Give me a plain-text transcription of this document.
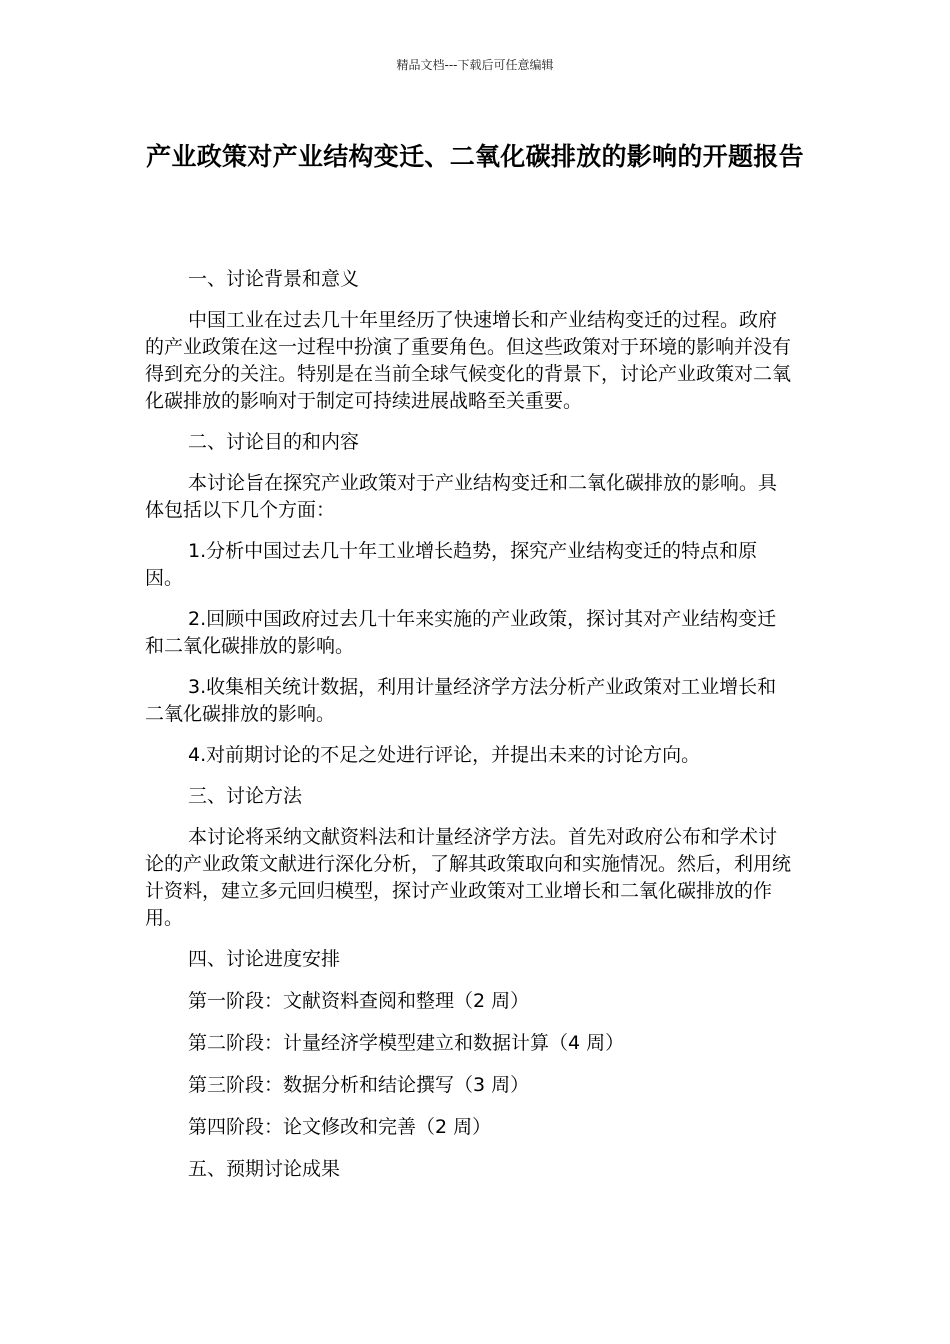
精品文档---下载后可任意编辑
产业政策对产业结构变迁、二氧化碳排放的影响的开题报告

一、讨论背景和意义

中国工业在过去几十年里经历了快速增长和产业结构变迁的过程。政府的产业政策在这一过程中扮演了重要角色。但这些政策对于环境的影响并没有得到充分的关注。特别是在当前全球气候变化的背景下，讨论产业政策对二氧化碳排放的影响对于制定可持续进展战略至关重要。

二、讨论目的和内容

本讨论旨在探究产业政策对于产业结构变迁和二氧化碳排放的影响。具体包括以下几个方面：

1.分析中国过去几十年工业增长趋势，探究产业结构变迁的特点和原因。

2.回顾中国政府过去几十年来实施的产业政策，探讨其对产业结构变迁和二氧化碳排放的影响。

3.收集相关统计数据，利用计量经济学方法分析产业政策对工业增长和二氧化碳排放的影响。

4.对前期讨论的不足之处进行评论，并提出未来的讨论方向。

三、讨论方法

本讨论将采纳文献资料法和计量经济学方法。首先对政府公布和学术讨论的产业政策文献进行深化分析，了解其政策取向和实施情况。然后，利用统计资料，建立多元回归模型，探讨产业政策对工业增长和二氧化碳排放的作用。

四、讨论进度安排

第一阶段：文献资料查阅和整理（2 周）

第二阶段：计量经济学模型建立和数据计算（4 周）

第三阶段：数据分析和结论撰写（3 周）

第四阶段：论文修改和完善（2 周）

五、预期讨论成果
